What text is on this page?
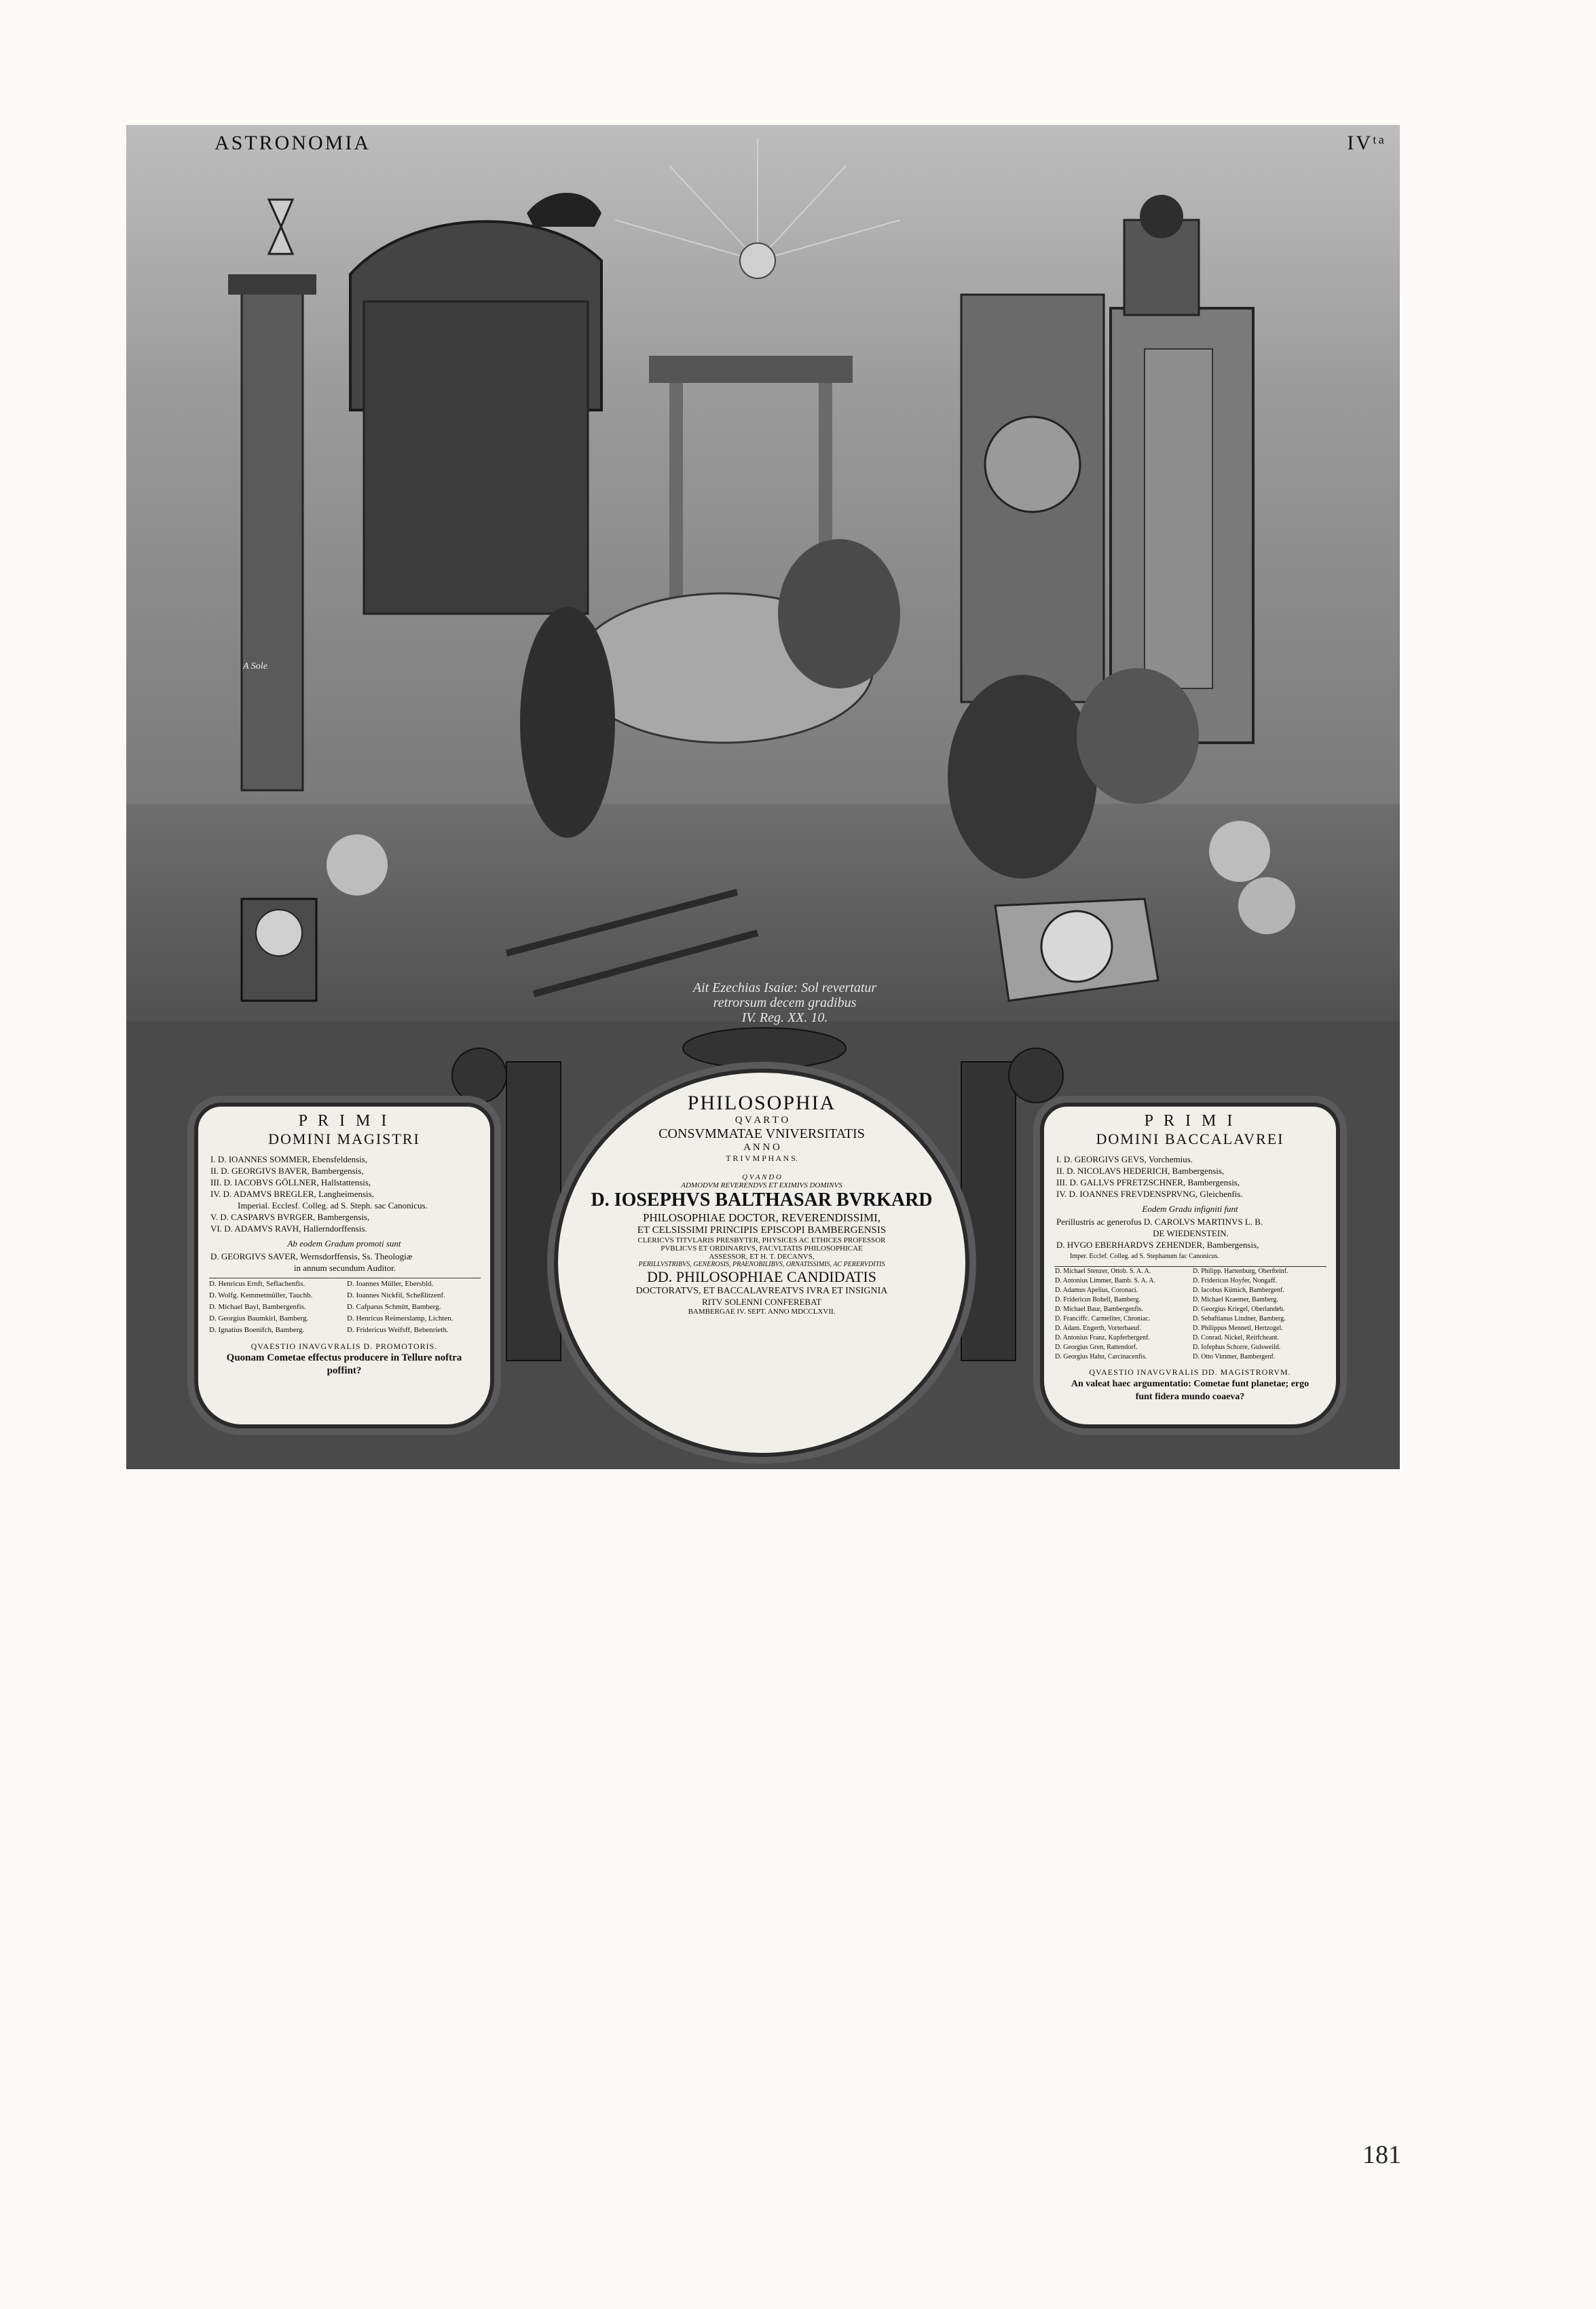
ASTRONOMIA	IVᵗᵃ
A Sole
Ait Ezechias Isaiæ: Sol revertatur
retrorsum decem gradibus
IV. Reg. XX. 10.
P R I M I
DOMINI MAGISTRI
I. D. IOANNES SOMMER, Ebensfeldensis,
II. D. GEORGIVS BAVER, Bambergensis,
III. D. IACOBVS GÖLLNER, Hallstattensis,
IV. D. ADAMVS BREGLER, Langheimensis,
Imperial. Ecclesf. Colleg. ad S. Steph. sac Canonicus.
V. D. CASPARVS BVRGER, Bambergensis,
VI. D. ADAMVS RAVH, Hallerndorffensis.
Ab eodem Gradum promoti sunt
D. GEORGIVS SAVER, Wernsdorffensis, Ss. Theologiæ
in annum secundum Auditor.
D. Henricus Ernft, Seflachenfis.	D. Ioannes Müller, Ebersbld.
D. Wolfg. Kemmetmüller, Tauchb.	D. Ioannes Nickfil, Scheßlitzenf.
D. Michael Bayl, Bambergenfis.	D. Cafparus Schmitt, Bamberg.
D. Georgius Baumkirl, Bamberg.	D. Henricus Reimerslamp, Lichten.
D. Ignatius Boenifch, Bamberg.	D. Fridericus Weifsff, Bebenrieth.
QVAESTIO INAVGVRALIS D. PROMOTORIS.
Quonam Cometae effectus producere in Tellure noftra poffint?
PHILOSOPHIA
Q V A R T O
CONSVMMATAE VNIVERSITATIS
A N N O
T R I V M P H A N S.
Q V A N D O
ADMODVM REVERENDVS ET EXIMIVS DOMINVS
D. IOSEPHVS BALTHASAR BVRKARD
PHILOSOPHIAE DOCTOR, REVERENDISSIMI,
ET CELSISSIMI PRINCIPIS EPISCOPI BAMBERGENSIS
CLERICVS TITVLARIS PRESBYTER, PHYSICES AC ETHICES PROFESSOR
PVBLICVS ET ORDINARIVS, FACVLTATIS PHILOSOPHICAE
ASSESSOR, ET H. T. DECANVS,
PERILLVSTRIBVS, GENEROSIS, PRAENOBILIBVS, ORNATISSIMIS, AC PERERVDITIS
DD. PHILOSOPHIAE CANDIDATIS
DOCTORATVS, ET BACCALAVREATVS IVRA ET INSIGNIA
RITV SOLENNI CONFEREBAT
BAMBERGAE IV. SEPT. ANNO MDCCLXVII.
P R I M I
DOMINI BACCALAVREI
I. D. GEORGIVS GEVS, Vorchemius.
II. D. NICOLAVS HEDERICH, Bambergensis,
III. D. GALLVS PFRETZSCHNER, Bambergensis,
IV. D. IOANNES FREVDENSPRVNG, Gleichenfis.
Eodem Gradu infigniti funt
Perillustris ac generofus D. CAROLVS MARTINVS L. B.
DE WIEDENSTEIN.
D. HVGO EBERHARDVS ZEHENDER, Bambergensis,
Imper. Ecclef. Colleg. ad S. Stephanum fac Canonicus.
D. Michael Stenzer, Ottob. S. A. A.	D. Philipp. Hartenburg, Oberfteinf.
D. Antonius Limmer, Bamb. S. A. A.	D. Fridericus Hoyfer, Nongaff.
D. Adamus Apelius, Coronaci.	D. Iacobus Kümich, Bambergenf.
D. Fridericus Bohell, Bamberg.	D. Michael Kraemer, Bamberg.
D. Michael Baur, Bambergenfis.	D. Georgius Kriegel, Oberlandeb.
D. Franciffc. Carmeliter, Chroniac.	D. Sebaftianus Lindner, Bamberg.
D. Adam. Engerth, Vorterbaeuf.	D. Philippus Mennetl, Hertzogel.
D. Antonius Franz, Kupferbergenf.	D. Conrad. Nickel, Reitfcheant.
D. Georgius Gren, Rattendorf.	D. Iofephus Schorre, Gulsweild.
D. Georgius Hahn, Carcinacenfis.	D. Otto Vimmer, Bambergenf.
QVAESTIO INAVGVRALIS DD. MAGISTRORVM.
An valeat haec argumentatio: Cometae funt planetae; ergo funt fidera mundo coaeva?
181
